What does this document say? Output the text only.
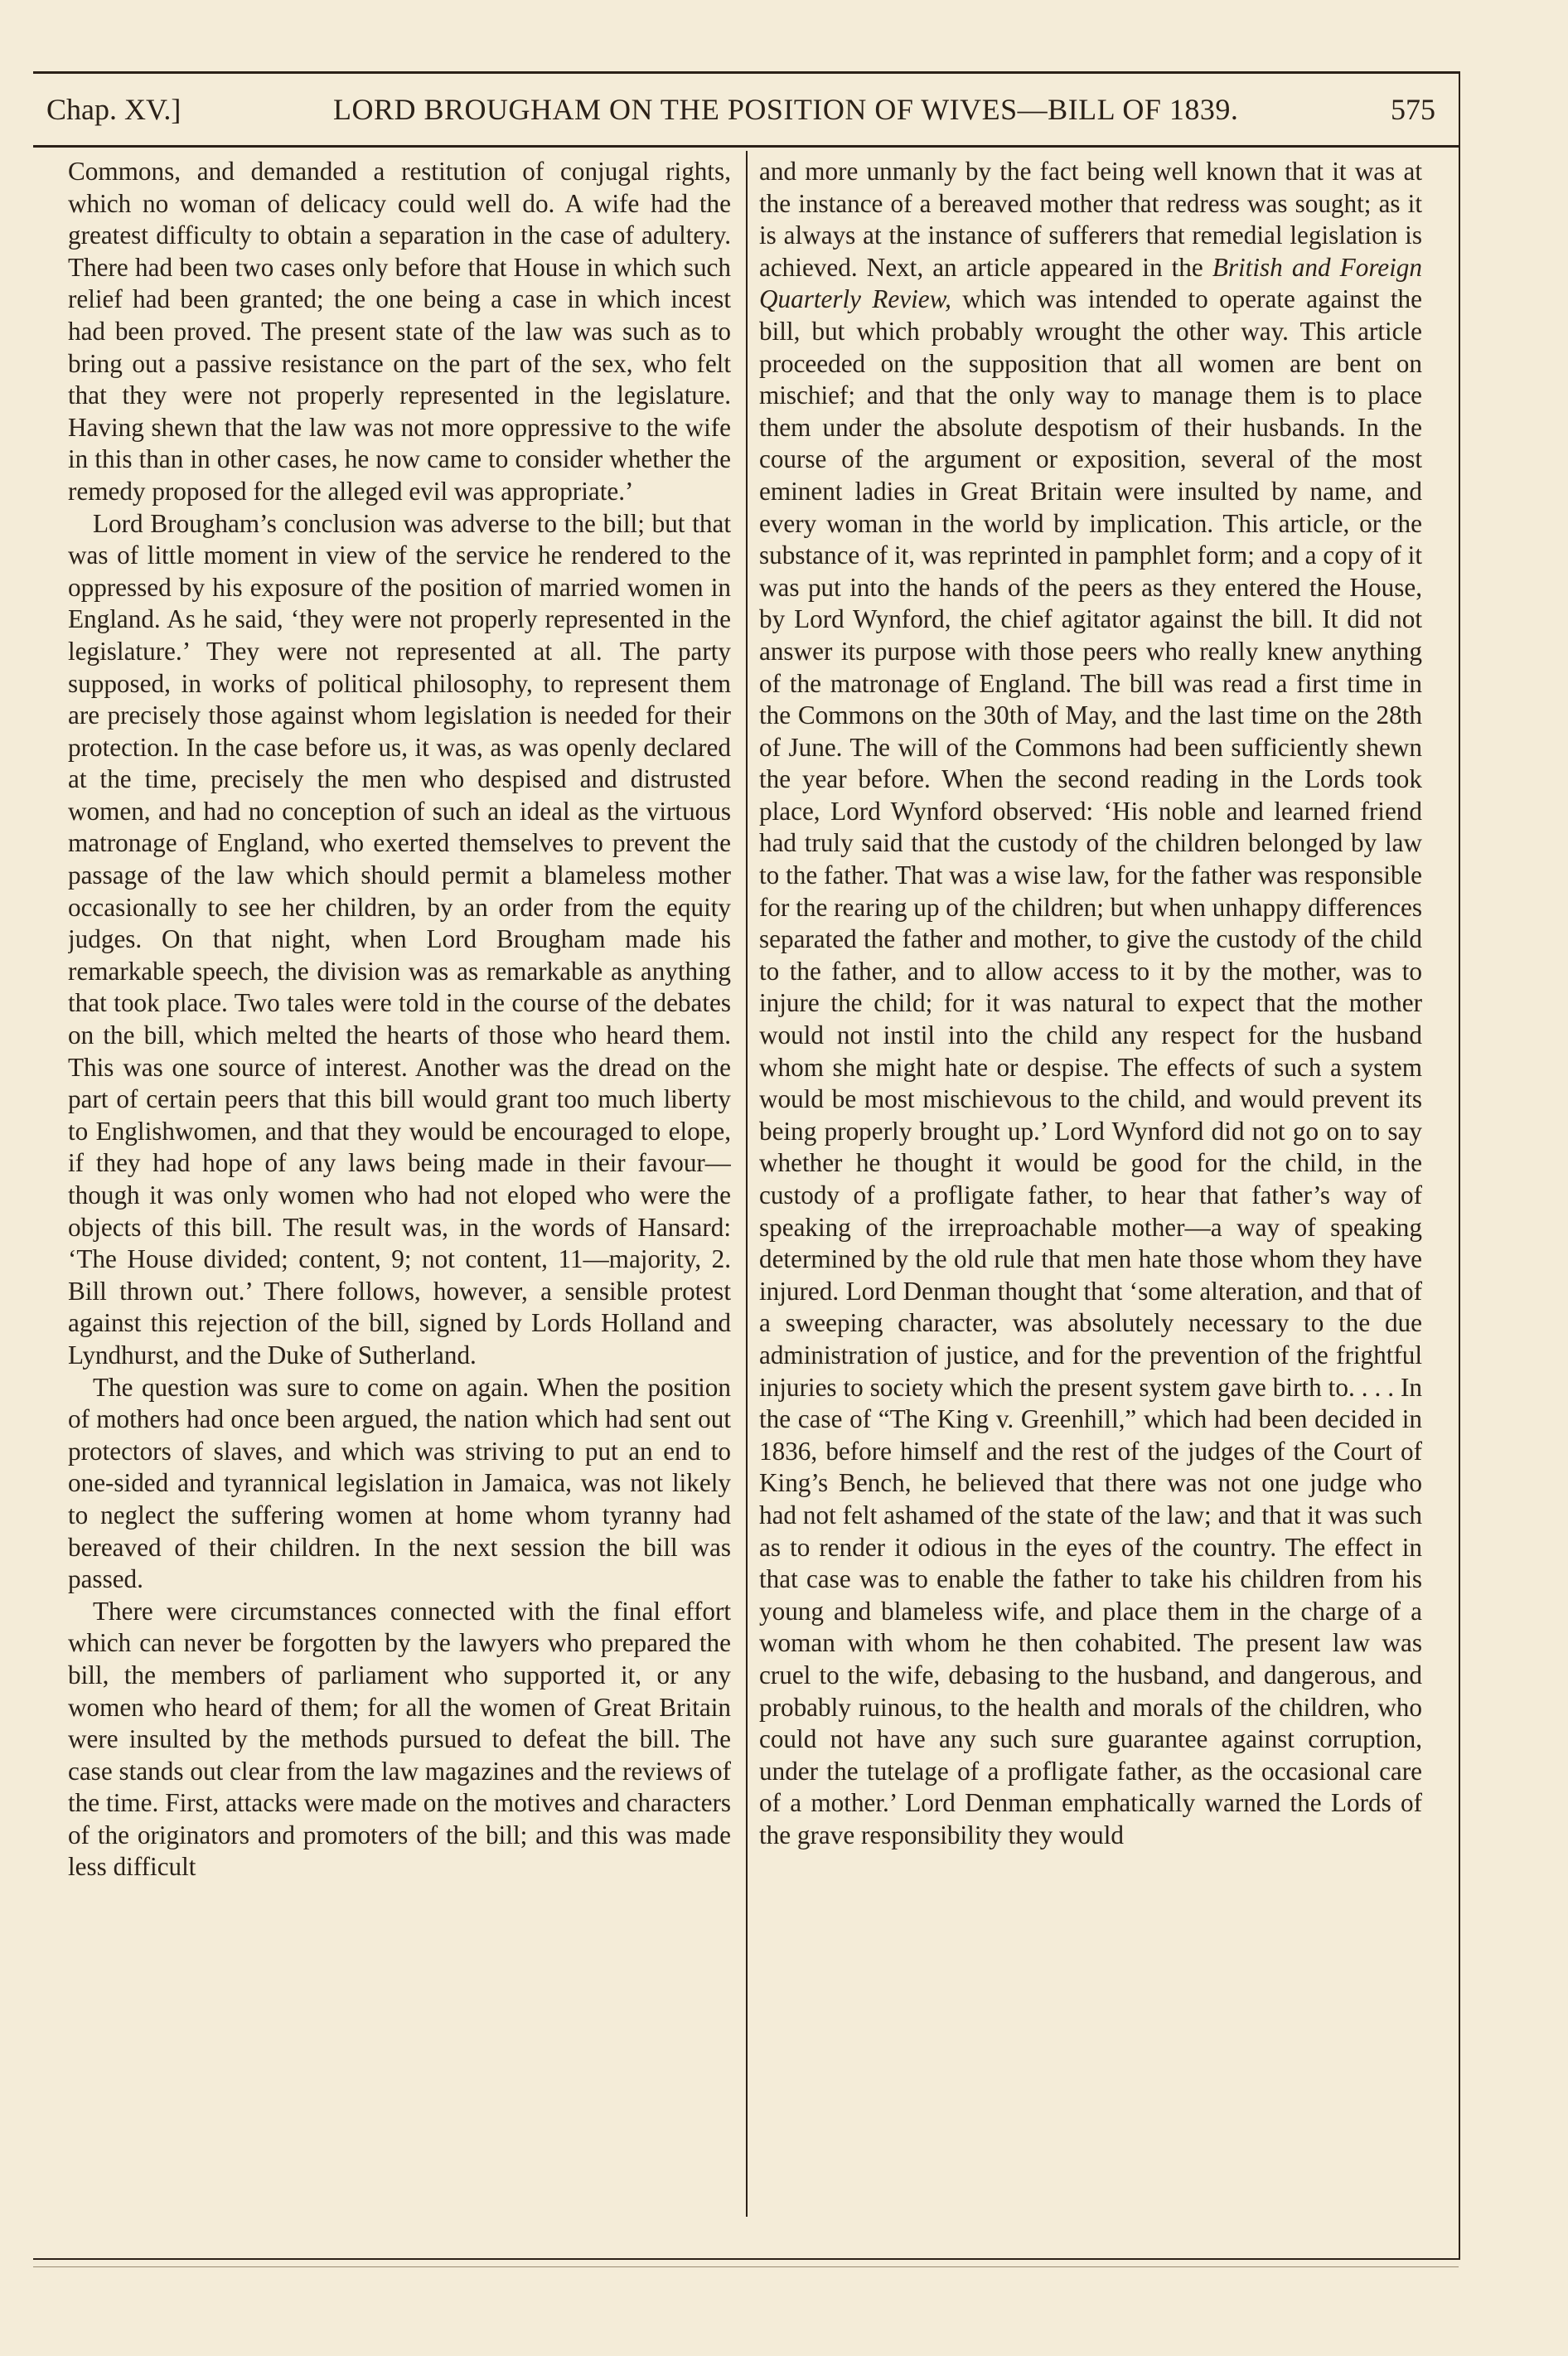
Chap. XV.]	LORD BROUGHAM ON THE POSITION OF WIVES—BILL OF 1839.	575

Commons, and demanded a restitution of conjugal rights, which no woman of delicacy could well do. A wife had the greatest difficulty to obtain a separation in the case of adultery. There had been two cases only before that House in which such relief had been granted; the one being a case in which incest had been proved. The present state of the law was such as to bring out a passive resistance on the part of the sex, who felt that they were not properly represented in the legislature. Having shewn that the law was not more oppressive to the wife in this than in other cases, he now came to consider whether the remedy proposed for the alleged evil was appropriate.’

Lord Brougham’s conclusion was adverse to the bill; but that was of little moment in view of the service he rendered to the oppressed by his exposure of the position of married women in England. As he said, ‘they were not properly represented in the legislature.’ They were not represented at all. The party supposed, in works of political philosophy, to represent them are precisely those against whom legislation is needed for their protection. In the case before us, it was, as was openly declared at the time, precisely the men who despised and distrusted women, and had no conception of such an ideal as the virtuous matronage of England, who exerted themselves to prevent the passage of the law which should permit a blameless mother occasionally to see her children, by an order from the equity judges. On that night, when Lord Brougham made his remarkable speech, the division was as remarkable as anything that took place. Two tales were told in the course of the debates on the bill, which melted the hearts of those who heard them. This was one source of interest. Another was the dread on the part of certain peers that this bill would grant too much liberty to Englishwomen, and that they would be encouraged to elope, if they had hope of any laws being made in their favour—though it was only women who had not eloped who were the objects of this bill. The result was, in the words of Hansard: ‘The House divided; content, 9; not content, 11—majority, 2. Bill thrown out.’ There follows, however, a sensible protest against this rejection of the bill, signed by Lords Holland and Lyndhurst, and the Duke of Sutherland.

The question was sure to come on again. When the position of mothers had once been argued, the nation which had sent out protectors of slaves, and which was striving to put an end to one-sided and tyrannical legislation in Jamaica, was not likely to neglect the suffering women at home whom tyranny had bereaved of their children. In the next session the bill was passed.

There were circumstances connected with the final effort which can never be forgotten by the lawyers who prepared the bill, the members of parliament who supported it, or any women who heard of them; for all the women of Great Britain were insulted by the methods pursued to defeat the bill. The case stands out clear from the law magazines and the reviews of the time. First, attacks were made on the motives and characters of the originators and promoters of the bill; and this was made less difficult

and more unmanly by the fact being well known that it was at the instance of a bereaved mother that redress was sought; as it is always at the instance of sufferers that remedial legislation is achieved. Next, an article appeared in the British and Foreign Quarterly Review, which was intended to operate against the bill, but which probably wrought the other way. This article proceeded on the supposition that all women are bent on mischief; and that the only way to manage them is to place them under the absolute despotism of their husbands. In the course of the argument or exposition, several of the most eminent ladies in Great Britain were insulted by name, and every woman in the world by implication. This article, or the substance of it, was reprinted in pamphlet form; and a copy of it was put into the hands of the peers as they entered the House, by Lord Wynford, the chief agitator against the bill. It did not answer its purpose with those peers who really knew anything of the matronage of England. The bill was read a first time in the Commons on the 30th of May, and the last time on the 28th of June. The will of the Commons had been sufficiently shewn the year before. When the second reading in the Lords took place, Lord Wynford observed: ‘His noble and learned friend had truly said that the custody of the children belonged by law to the father. That was a wise law, for the father was responsible for the rearing up of the children; but when unhappy differences separated the father and mother, to give the custody of the child to the father, and to allow access to it by the mother, was to injure the child; for it was natural to expect that the mother would not instil into the child any respect for the husband whom she might hate or despise. The effects of such a system would be most mischievous to the child, and would prevent its being properly brought up.’ Lord Wynford did not go on to say whether he thought it would be good for the child, in the custody of a profligate father, to hear that father’s way of speaking of the irreproachable mother—a way of speaking determined by the old rule that men hate those whom they have injured. Lord Denman thought that ‘some alteration, and that of a sweeping character, was absolutely necessary to the due administration of justice, and for the prevention of the frightful injuries to society which the present system gave birth to. . . . In the case of “The King v. Greenhill,” which had been decided in 1836, before himself and the rest of the judges of the Court of King’s Bench, he believed that there was not one judge who had not felt ashamed of the state of the law; and that it was such as to render it odious in the eyes of the country. The effect in that case was to enable the father to take his children from his young and blameless wife, and place them in the charge of a woman with whom he then cohabited. The present law was cruel to the wife, debasing to the husband, and dangerous, and probably ruinous, to the health and morals of the children, who could not have any such sure guarantee against corruption, under the tutelage of a profligate father, as the occasional care of a mother.’ Lord Denman emphatically warned the Lords of the grave responsibility they would
